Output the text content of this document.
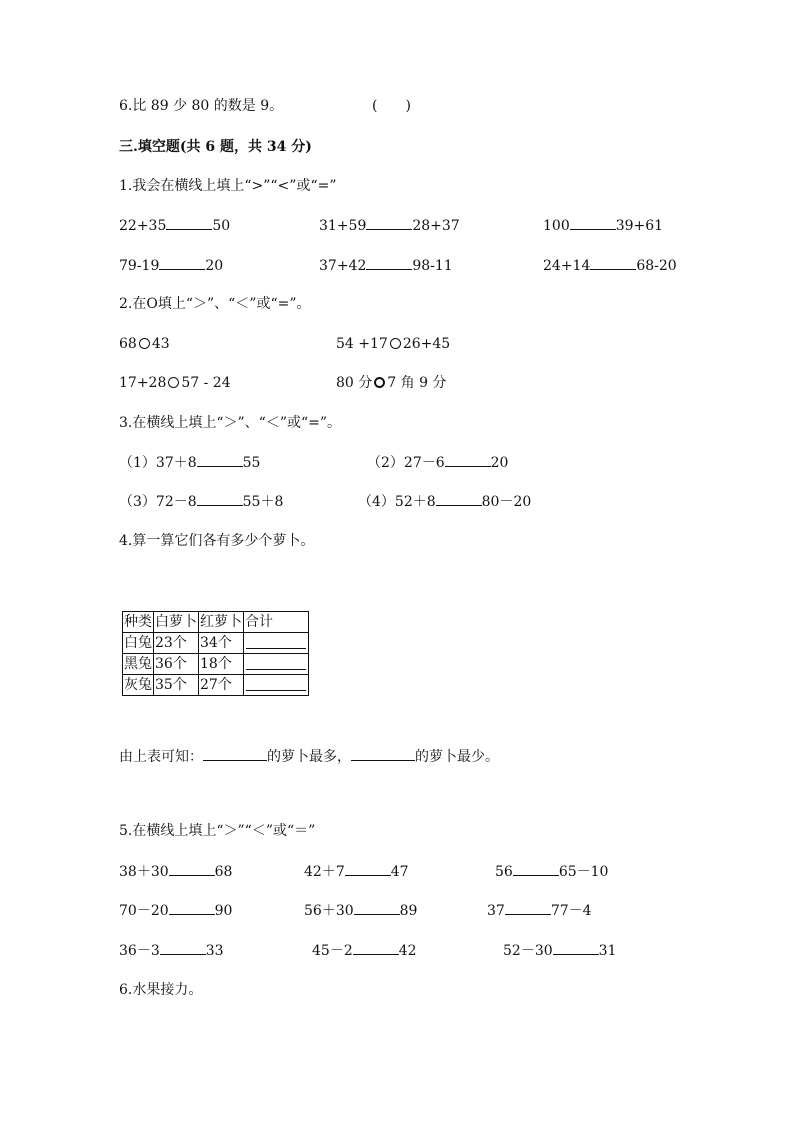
6.比 89 少 80 的数是 9。	(　　)
三.填空题(共 6 题，共 34 分)
1.我会在横线上填上“>”“<”或“=”
22+35	50	31+59	28+37	100	39+61
79-19	20	37+42	98-11	24+14	68-20
2.在O填上“＞”、“＜”或“=”。
68 43	54 +17 26+45
17+28 57 - 24	80 分 7 角 9 分
3.在横线上填上“＞”、“＜”或“=”。
（1）37＋8	55	（2）27－6	20
（3）72－8	55＋8	（4）52＋8	80－20
4.算一算它们各有多少个萝卜。
种类	白萝卜	红萝卜	合计
白兔	23个	34个	

黑兔	36个	18个	

灰兔	35个	27个	
由上表可知：	的萝卜最多，	的萝卜最少。
5.在横线上填上“＞”“＜”或“＝”
38＋30	68	42＋7	47	56	65－10
70－20	90	56＋30	89	37	77－4
36－3	33	45－2	42	52－30	31
6.水果接力。
